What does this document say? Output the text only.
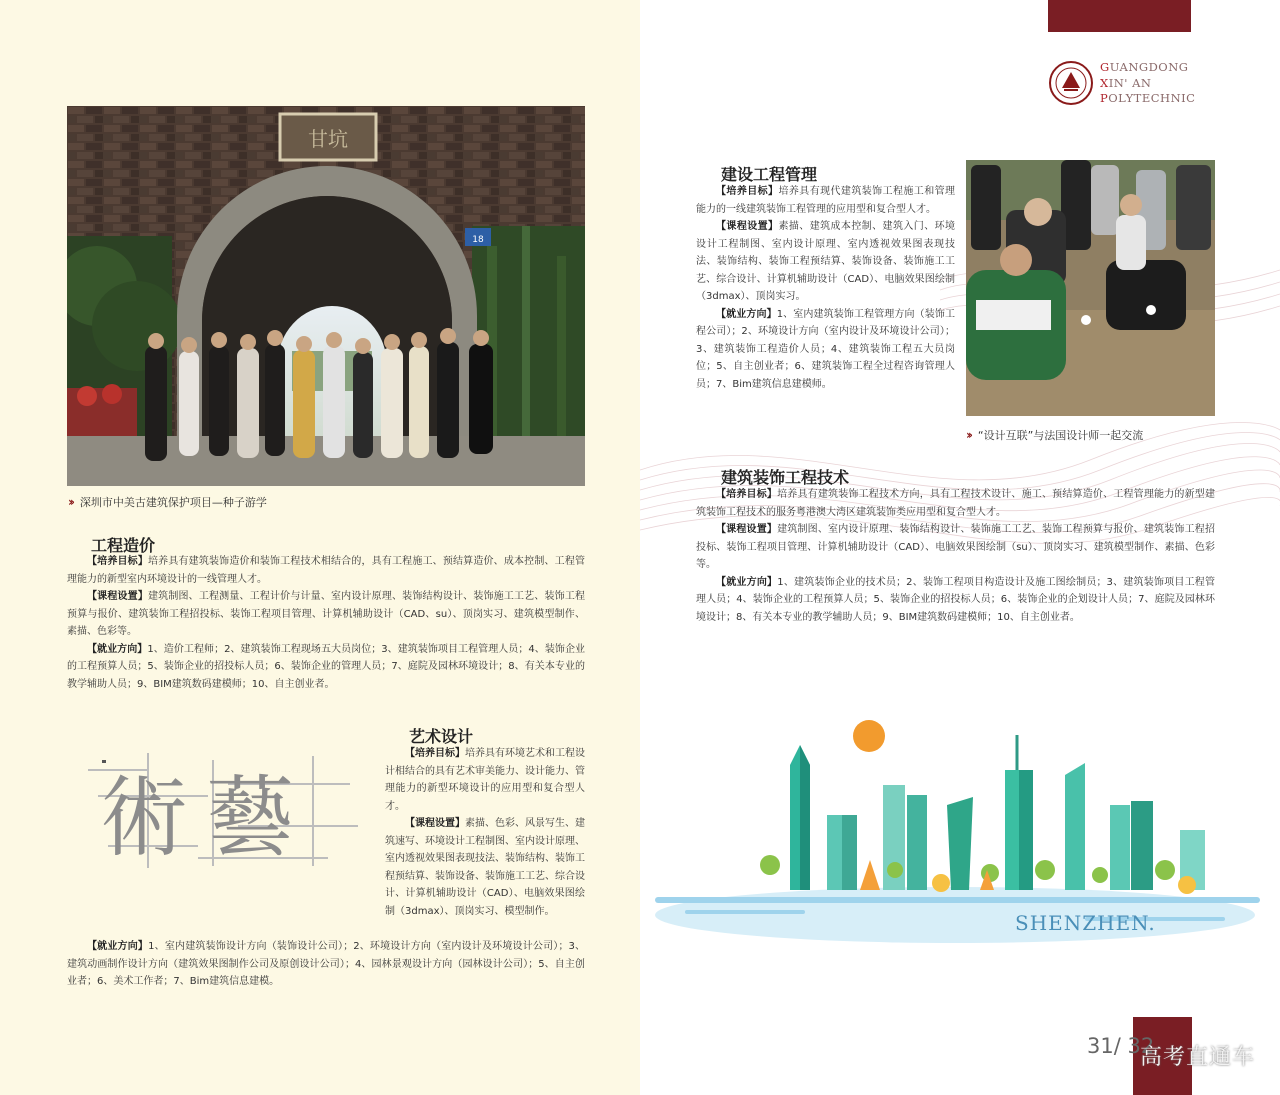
甘坑
18
›› 深圳市中美古建筑保护项目—种子游学
工程造价

【培养目标】培养具有建筑装饰造价和装饰工程技术相结合的，具有工程施工、预结算造价、成本控制、工程管理能力的新型室内环境设计的一线管理人才。

【课程设置】建筑制图、工程测量、工程计价与计量、室内设计原理、装饰结构设计、装饰施工工艺、装饰工程预算与报价、建筑装饰工程招投标、装饰工程项目管理、计算机辅助设计（CAD、su）、顶岗实习、建筑模型制作、素描、色彩等。

【就业方向】1、造价工程师；2、建筑装饰工程现场五大员岗位；3、建筑装饰项目工程管理人员；4、装饰企业的工程预算人员；5、装饰企业的招投标人员；6、装饰企业的管理人员；7、庭院及园林环境设计；8、有关本专业的教学辅助人员；9、BIM建筑数码建模师；10、自主创业者。

艺术设计
術藝

【培养目标】培养具有环境艺术和工程设计相结合的具有艺术审美能力、设计能力、管理能力的新型环境设计的应用型和复合型人才。

【课程设置】素描、色彩、风景写生、建筑速写、环境设计工程制图、室内设计原理、室内透视效果图表现技法、装饰结构、装饰工程预结算、装饰设备、装饰施工工艺、综合设计、计算机辅助设计（CAD）、电脑效果图绘制（3dmax）、顶岗实习、模型制作。

【就业方向】1、室内建筑装饰设计方向（装饰设计公司）；2、环境设计方向（室内设计及环境设计公司）；3、建筑动画制作设计方向（建筑效果图制作公司及原创设计公司）；4、园林景观设计方向（园林设计公司）；5、自主创业者；6、美术工作者；7、Bim建筑信息建模。

GUANGDONG
XIN' AN
POLYTECHNIC
建设工程管理

【培养目标】培养具有现代建筑装饰工程施工和管理能力的一线建筑装饰工程管理的应用型和复合型人才。

【课程设置】素描、建筑成本控制、建筑入门、环境设计工程制图、室内设计原理、室内透视效果图表现技法、装饰结构、装饰工程预结算、装饰设备、装饰施工工艺、综合设计、计算机辅助设计（CAD）、电脑效果图绘制（3dmax）、顶岗实习。

【就业方向】1、室内建筑装饰工程管理方向（装饰工程公司）；2、环境设计方向（室内设计及环境设计公司）；3、建筑装饰工程造价人员；4、建筑装饰工程五大员岗位；5、自主创业者；6、建筑装饰工程全过程咨询管理人员；7、Bim建筑信息建模师。

›› “设计互联”与法国设计师一起交流
建筑装饰工程技术

【培养目标】培养具有建筑装饰工程技术方向，具有工程技术设计、施工、预结算造价、工程管理能力的新型建筑装饰工程技术的服务粤港澳大湾区建筑装饰类应用型和复合型人才。

【课程设置】建筑制图、室内设计原理、装饰结构设计、装饰施工工艺、装饰工程预算与报价、建筑装饰工程招投标、装饰工程项目管理、计算机辅助设计（CAD）、电脑效果图绘制（su）、顶岗实习、建筑模型制作、素描、色彩等。

【就业方向】1、建筑装饰企业的技术员；2、装饰工程项目构造设计及施工图绘制员；3、建筑装饰项目工程管理人员；4、装饰企业的工程预算人员；5、装饰企业的招投标人员；6、装饰企业的企划设计人员；7、庭院及园林环境设计；8、有关本专业的教学辅助人员；9、BIM建筑数码建模师；10、自主创业者。

SHENZHEN.
31/ 32
高考直通车
